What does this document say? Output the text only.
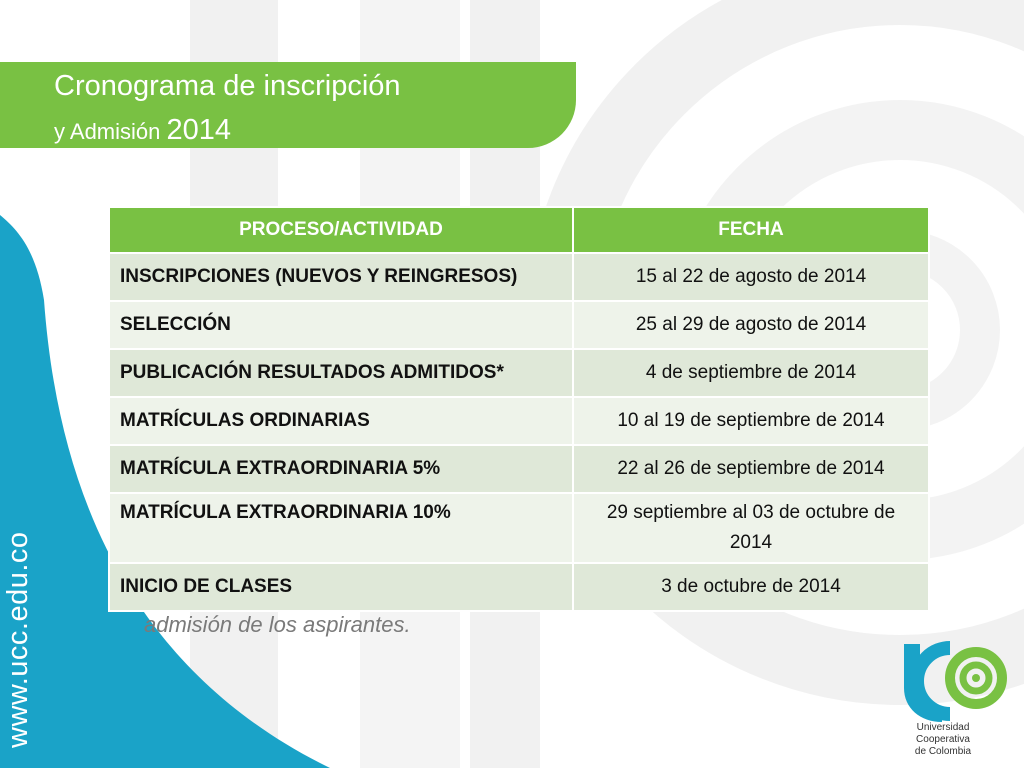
Cronograma de inscripción
y Admisión 2014
www.ucc.edu.co
PROCESO/ACTIVIDAD	FECHA
INSCRIPCIONES (NUEVOS Y REINGRESOS)	15 al 22 de agosto de 2014
SELECCIÓN	25 al 29 de agosto de 2014
PUBLICACIÓN RESULTADOS ADMITIDOS*	4 de septiembre de 2014
MATRÍCULAS ORDINARIAS	10 al 19 de septiembre de 2014
MATRÍCULA EXTRAORDINARIA 5%	22 al 26 de septiembre de 2014
MATRÍCULA EXTRAORDINARIA 10%	29 septiembre al 03 de octubre de 2014
INICIO DE CLASES	3 de octubre de 2014
admisión de los aspirantes.
Universidad Cooperativa
de Colombia
